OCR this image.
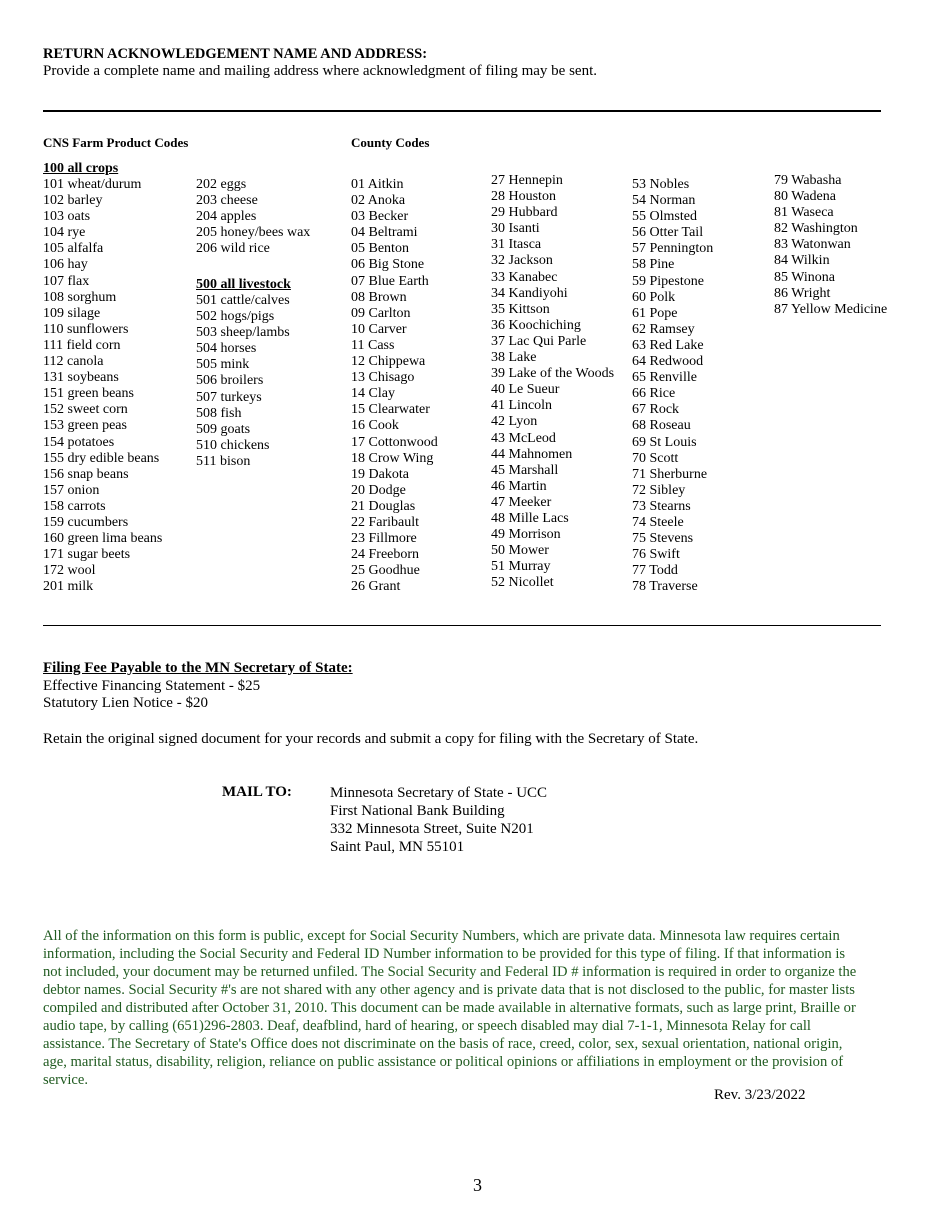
RETURN ACKNOWLEDGEMENT NAME AND ADDRESS:
Provide a complete name and mailing address where acknowledgment of filing may be sent.
CNS Farm Product Codes
100 all crops
101 wheat/durum
102 barley
103 oats
104 rye
105 alfalfa
106 hay
107 flax
108 sorghum
109 silage
110 sunflowers
111 field corn
112 canola
131 soybeans
151 green beans
152 sweet corn
153 green peas
154 potatoes
155 dry edible beans
156 snap beans
157 onion
158 carrots
159 cucumbers
160 green lima beans
171 sugar beets
172 wool
201 milk
202 eggs
203 cheese
204 apples
205 honey/bees wax
206 wild rice
500 all livestock
501 cattle/calves
502 hogs/pigs
503 sheep/lambs
504 horses
505 mink
506 broilers
507 turkeys
508 fish
509 goats
510 chickens
511 bison
County Codes
01 Aitkin
02 Anoka
03 Becker
04 Beltrami
05 Benton
06 Big Stone
07 Blue Earth
08 Brown
09 Carlton
10 Carver
11 Cass
12 Chippewa
13 Chisago
14 Clay
15 Clearwater
16 Cook
17 Cottonwood
18 Crow Wing
19 Dakota
20 Dodge
21 Douglas
22 Faribault
23 Fillmore
24 Freeborn
25 Goodhue
26 Grant
27 Hennepin
28 Houston
29 Hubbard
30 Isanti
31 Itasca
32 Jackson
33 Kanabec
34 Kandiyohi
35 Kittson
36 Koochiching
37 Lac Qui Parle
38 Lake
39 Lake of the Woods
40 Le Sueur
41 Lincoln
42 Lyon
43 McLeod
44 Mahnomen
45 Marshall
46 Martin
47 Meeker
48 Mille Lacs
49 Morrison
50 Mower
51 Murray
52 Nicollet
53 Nobles
54 Norman
55 Olmsted
56 Otter Tail
57 Pennington
58 Pine
59 Pipestone
60 Polk
61 Pope
62 Ramsey
63 Red Lake
64 Redwood
65 Renville
66 Rice
67 Rock
68 Roseau
69 St Louis
70 Scott
71 Sherburne
72 Sibley
73 Stearns
74 Steele
75 Stevens
76 Swift
77 Todd
78 Traverse
79 Wabasha
80 Wadena
81 Waseca
82 Washington
83 Watonwan
84 Wilkin
85 Winona
86 Wright
87 Yellow Medicine
Filing Fee Payable to the MN Secretary of State:
Effective Financing Statement - $25
Statutory Lien Notice - $20
Retain the original signed document for your records and submit a copy for filing with the Secretary of State.
MAIL TO:	Minnesota Secretary of State - UCC
First National Bank Building
332 Minnesota Street, Suite N201
Saint Paul, MN 55101
All of the information on this form is public, except for Social Security Numbers, which are private data. Minnesota law requires certain
information, including the Social Security and Federal ID Number information to be provided for this type of filing. If that information is
not included, your document may be returned unfiled. The Social Security and Federal ID # information is required in order to organize the
debtor names. Social Security #'s are not shared with any other agency and is private data that is not disclosed to the public, for master lists
compiled and distributed after October 31, 2010. This document can be made available in alternative formats, such as large print, Braille or
audio tape, by calling (651)296-2803. Deaf, deafblind, hard of hearing, or speech disabled may dial 7-1-1, Minnesota Relay for call
assistance. The Secretary of State's Office does not discriminate on the basis of race, creed, color, sex, sexual orientation, national origin,
age, marital status, disability, religion, reliance on public assistance or political opinions or affiliations in employment or the provision of
service.
Rev. 3/23/2022
3
